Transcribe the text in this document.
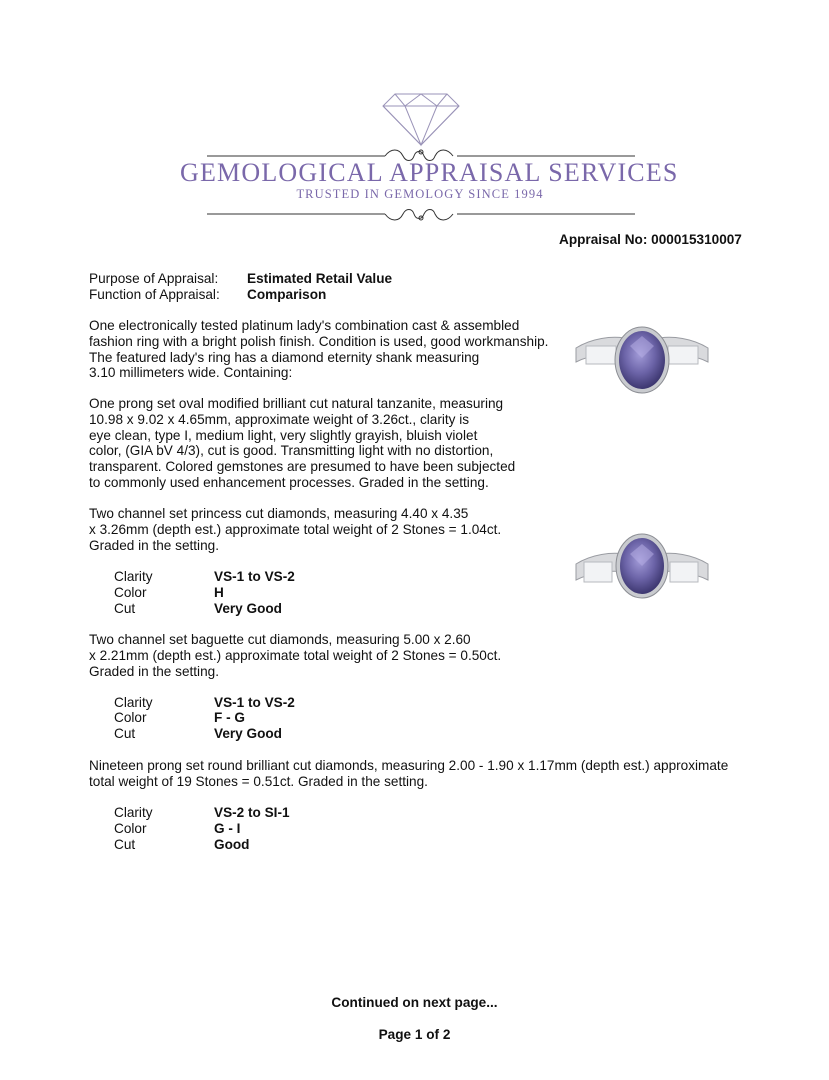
GEMOLOGICAL APPRAISAL SERVICES
TRUSTED IN GEMOLOGY SINCE 1994
Appraisal No: 000015310007
Purpose of Appraisal: Estimated Retail Value
Function of Appraisal: Comparison

One electronically tested platinum lady's combination cast & assembled

fashion ring with a bright polish finish. Condition is used, good workmanship.

The featured lady's ring has a diamond eternity shank measuring

3.10 millimeters wide. Containing:

One prong set oval modified brilliant cut natural tanzanite, measuring

10.98 x 9.02 x 4.65mm, approximate weight of 3.26ct., clarity is

eye clean, type I, medium light, very slightly grayish, bluish violet

color, (GIA bV 4/3), cut is good. Transmitting light with no distortion,

transparent. Colored gemstones are presumed to have been subjected

to commonly used enhancement processes. Graded in the setting.

Two channel set princess cut diamonds, measuring 4.40 x 4.35

x 3.26mm (depth est.) approximate total weight of 2 Stones = 1.04ct.

Graded in the setting.

Clarity	VS-1 to VS-2
Color	H
Cut	Very Good

Two channel set baguette cut diamonds, measuring 5.00 x 2.60

x 2.21mm (depth est.) approximate total weight of 2 Stones = 0.50ct.

Graded in the setting.

Clarity	VS-1 to VS-2
Color	F - G
Cut	Very Good

Nineteen prong set round brilliant cut diamonds, measuring 2.00 - 1.90 x 1.17mm (depth est.) approximate

total weight of 19 Stones = 0.51ct. Graded in the setting.

Clarity	VS-2 to SI-1
Color	G - I
Cut	Good
Continued on next page...
Page 1 of 2
